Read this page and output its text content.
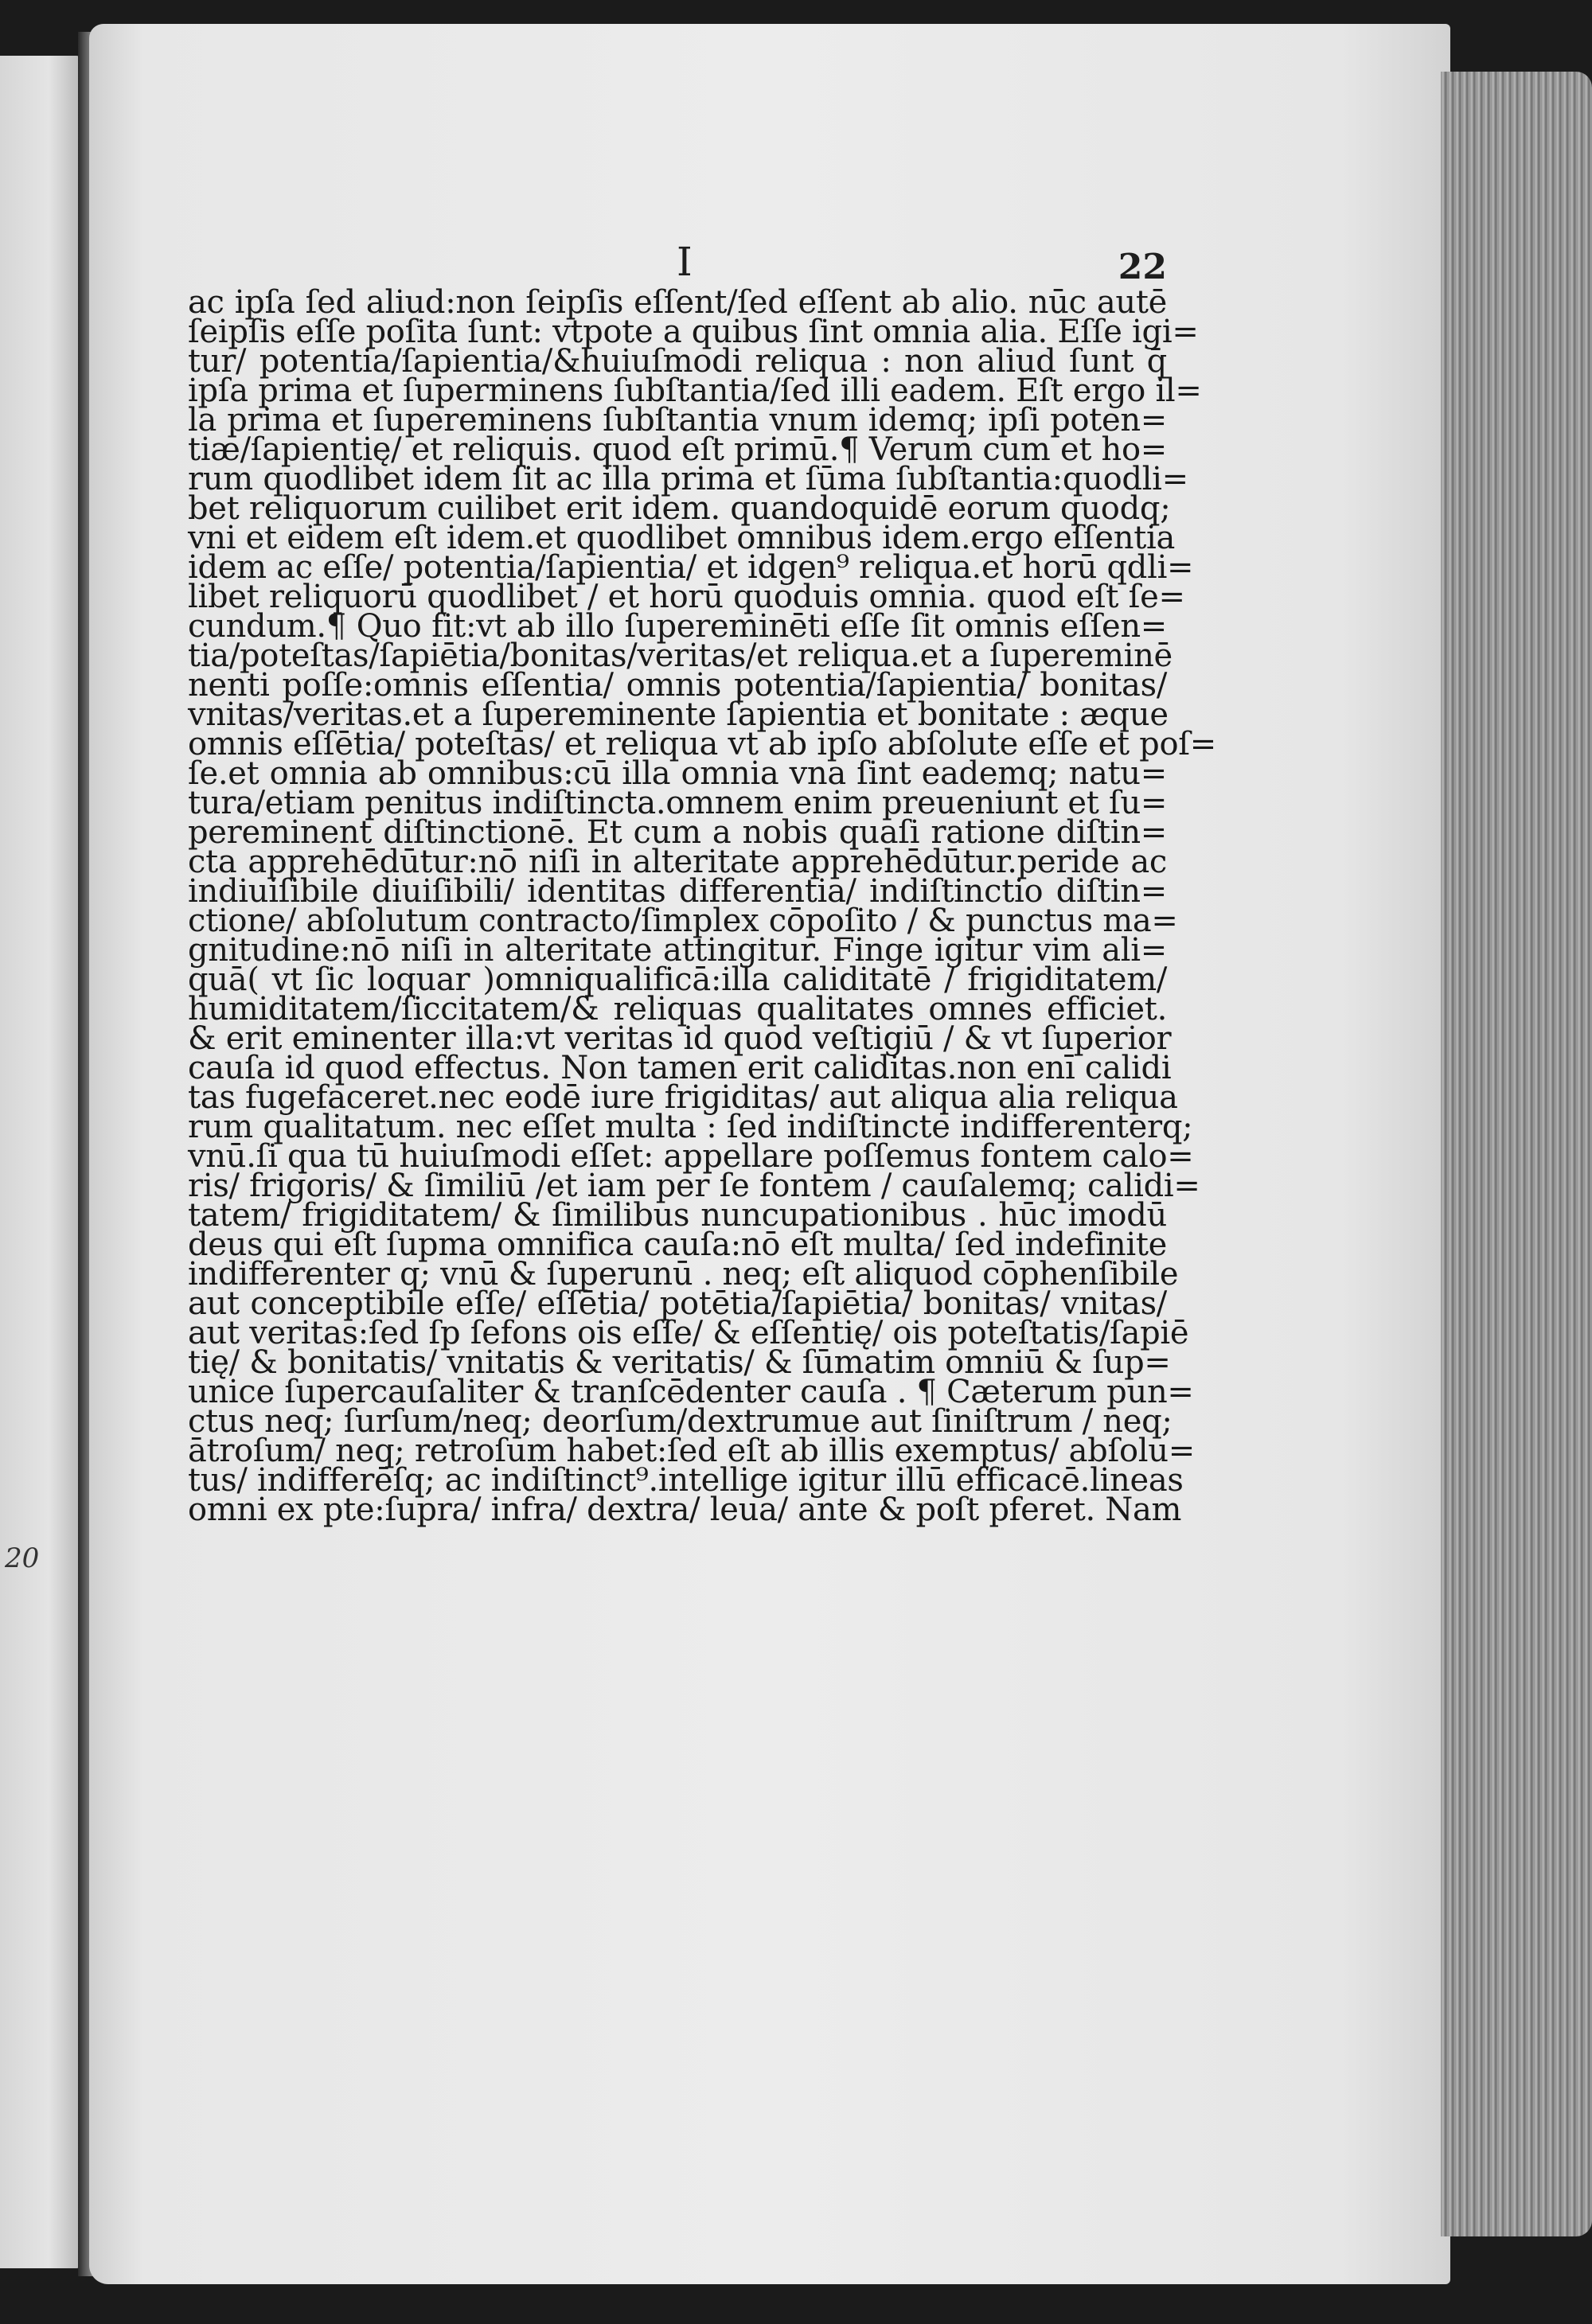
20
I	22
ac ipſa ſed aliud:non ſeipſis eſſent/ſed eſſent ab alio. nūc autē
ſeipſis eſſe poſita ſunt: vtpote a quibus ſint omnia alia. Eſſe igi=
tur/ potentia/ſapientia/&huiuſmodi reliqua : non aliud ſunt q̄
ipſa prima et ſuperminens ſubſtantia/ſed illi eadem. Eſt ergo il=
la prima et ſupereminens ſubſtantia vnum idemq; ipſi poten=
tiæ/ſapientię/ et reliquis. quod eſt primū.¶ Verum cum et ho=
rum quodlibet idem ſit ac illa prima et ſūma ſubſtantia:quodli=
bet reliquorum cuilibet erit idem. quandoquidē eorum quodq;
vni et eidem eſt idem.et quodlibet omnibus idem.ergo eſſentia
idem ac eſſe/ potentia/ſapientia/ et idgen⁹ reliqua.et horū qdli=
libet reliquorū quodlibet / et horū quoduis omnia. quod eſt ſe=
cundum.¶ Quo fit:vt ab illo ſupereminēti eſſe ſit omnis eſſen=
tia/poteſtas/ſapiētia/bonitas/veritas/et reliqua.et a ſupereminē
nenti poſſe:omnis eſſentia/ omnis potentia/ſapientia/ bonitas/
vnitas/veritas.et a ſupereminente ſapientia et bonitate : æque
omnis eſſētia/ poteſtas/ et reliqua vt ab ipſo abſolute eſſe et poſ=
ſe.et omnia ab omnibus:cū illa omnia vna ſint eademq; natu=
tura/etiam penitus indiſtincta.omnem enim preueniunt et ſu=
pereminent diſtinctionē. Et cum a nobis quaſi ratione diſtin=
cta apprehēdūtur:nō niſi in alteritate apprehēdūtur.peride ac
indiuiſibile diuiſibili/ identitas differentia/ indiſtinctio diſtin=
ctione/ abſolutum contracto/ſimplex cōpoſito / & punctus ma=
gnitudine:nō niſi in alteritate attingitur. Finge igitur vim ali=
quā( vt ſic loquar )omniqualificā:illa caliditatē / frigiditatem/
humiditatem/ſiccitatem/& reliquas qualitates omnes efficiet.
& erit eminenter illa:vt veritas id quod veſtigiū / & vt ſuperior
cauſa id quod effectus. Non tamen erit caliditas.non enī calidi
tas fugefaceret.nec eodē iure frigiditas/ aut aliqua alia reliqua
rum qualitatum. nec eſſet multa : ſed indiſtincte indifferenterq;
vnū.ſi qua tū huiuſmodi eſſet: appellare poſſemus fontem calo=
ris/ frigoris/ & ſimiliū /et iam per ſe fontem / cauſalemq; calidi=
tatem/ frigiditatem/ & ſimilibus nuncupationibus . hūc imodū
deus qui eſt ſupma omnifica cauſa:nō eſt multa/ ſed indefinite
indifferenter q; vnū & ſuperunū . neq; eſt aliquod cōphenſibile
aut conceptibile eſſe/ eſſētia/ potētia/ſapiētia/ bonitas/ vnitas/
aut veritas:ſed ſp ſefons ois eſſe/ & eſſentię/ ois poteſtatis/ſapiē
tię/ & bonitatis/ vnitatis & veritatis/ & ſūmatim omniū & ſup=
unice ſupercauſaliter & tranſcēdenter cauſa . ¶ Cæterum pun=
ctus neq; ſurſum/neq; deorſum/dextrumue aut ſiniſtrum / neq;
ātroſum/ neq; retroſum habet:ſed eſt ab illis exemptus/ abſolu=
tus/ indifferēſq; ac indiſtinct⁹.intellige igitur illū efficacē.lineas
omni ex pte:ſupra/ infra/ dextra/ leua/ ante & poſt pferet. Nam
